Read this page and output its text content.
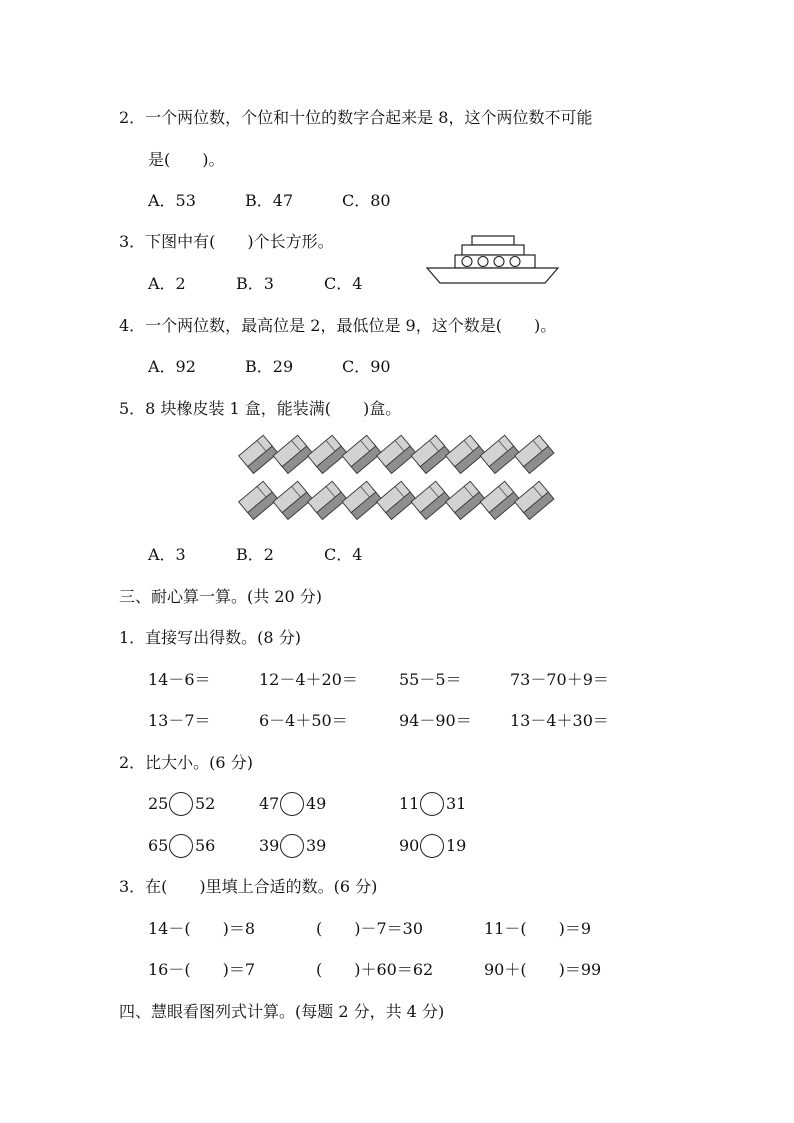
2．一个两位数，个位和十位的数字合起来是 8，这个两位数不可能
是(　　)。
A．53	B．47	C．80
3．下图中有(　　)个长方形。
A．2	B．3	C．4
4．一个两位数，最高位是 2，最低位是 9，这个数是(　　)。
A．92	B．29	C．90
5．8 块橡皮装 1 盒，能装满(　　)盒。
A．3	B．2	C．4
三、耐心算一算。(共 20 分)
1．直接写出得数。(8 分)
14－6＝	12－4＋20＝	55－5＝	73－70＋9＝
13－7＝	6－4＋50＝	94－90＝ 13－4＋30＝
2．比大小。(6 分)
25 52	47 49	11 31
65 56	39 39	90 19
3．在(　　)里填上合适的数。(6 分)
14－(　　)＝8	(　　)－7＝30	11－(　　)＝9
16－(　　)＝7	(　　)＋60＝62	90＋(　　)＝99
四、慧眼看图列式计算。(每题 2 分，共 4 分)
